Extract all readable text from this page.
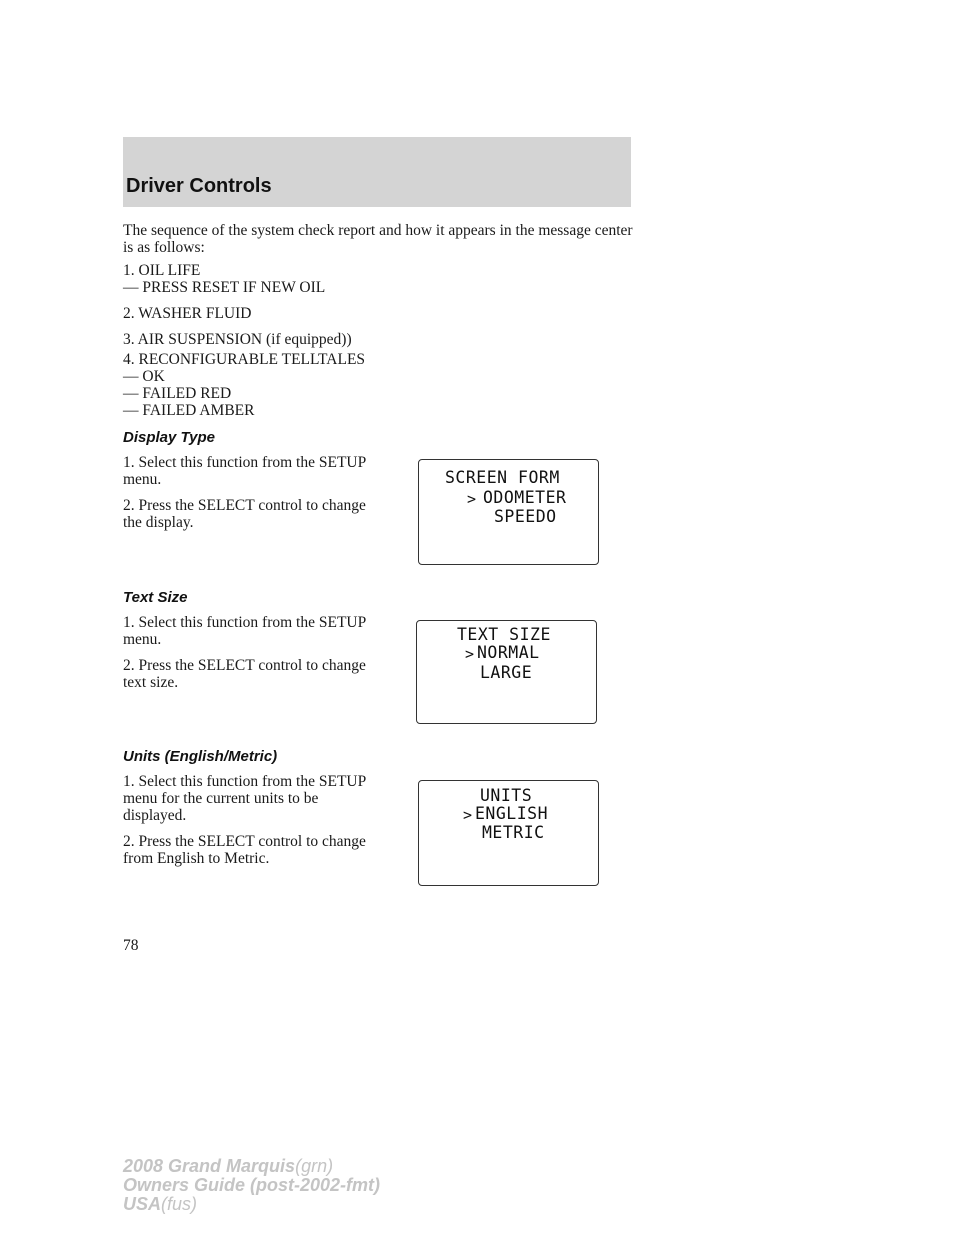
Driver Controls
The sequence of the system check report and how it appears in the message center is as follows:

1. OIL LIFE

— PRESS RESET IF NEW OIL

2. WASHER FLUID

3. AIR SUSPENSION (if equipped))

4. RECONFIGURABLE TELLTALES

— OK

— FAILED RED

— FAILED AMBER

Display Type

1. Select this function from the SETUP menu.

2. Press the SELECT control to change the display.

SCREEN FORM
> ODOMETER
SPEEDO
Text Size

1. Select this function from the SETUP menu.

2. Press the SELECT control to change text size.

TEXT SIZE
> NORMAL
LARGE
Units (English/Metric)

1. Select this function from the SETUP menu for the current units to be displayed.

2. Press the SELECT control to change from English to Metric.

UNITS
> ENGLISH
METRIC
78
2008 Grand Marquis(grn)
Owners Guide (post-2002-fmt)
USA(fus)
